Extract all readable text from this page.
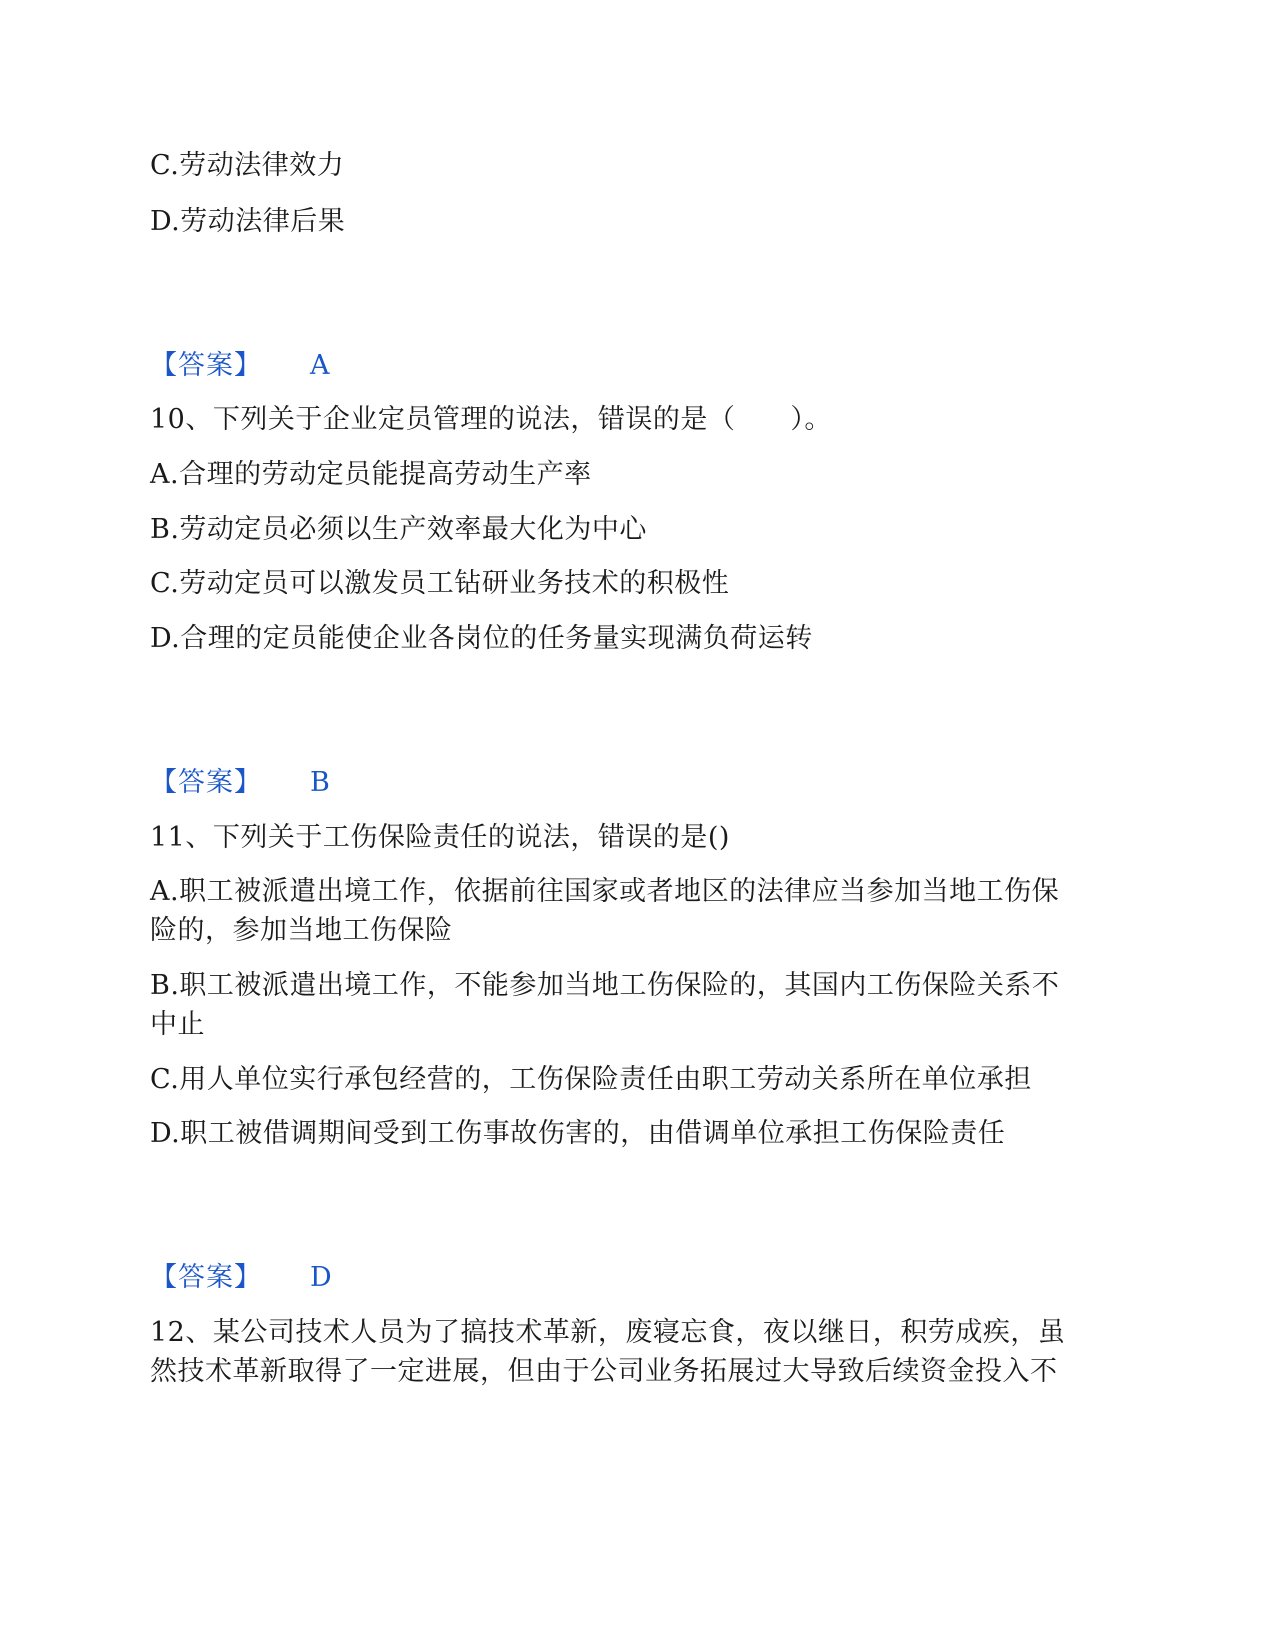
C.劳动法律效力
D.劳动法律后果
【答案】 A
10、下列关于企业定员管理的说法，错误的是（　　）。
A.合理的劳动定员能提高劳动生产率
B.劳动定员必须以生产效率最大化为中心
C.劳动定员可以激发员工钻研业务技术的积极性
D.合理的定员能使企业各岗位的任务量实现满负荷运转
【答案】 B
11、下列关于工伤保险责任的说法，错误的是()
A.职工被派遣出境工作，依据前往国家或者地区的法律应当参加当地工伤保
险的，参加当地工伤保险
B.职工被派遣出境工作，不能参加当地工伤保险的，其国内工伤保险关系不
中止
C.用人单位实行承包经营的，工伤保险责任由职工劳动关系所在单位承担
D.职工被借调期间受到工伤事故伤害的，由借调单位承担工伤保险责任
【答案】 D
12、某公司技术人员为了搞技术革新，废寝忘食，夜以继日，积劳成疾，虽
然技术革新取得了一定进展，但由于公司业务拓展过大导致后续资金投入不
